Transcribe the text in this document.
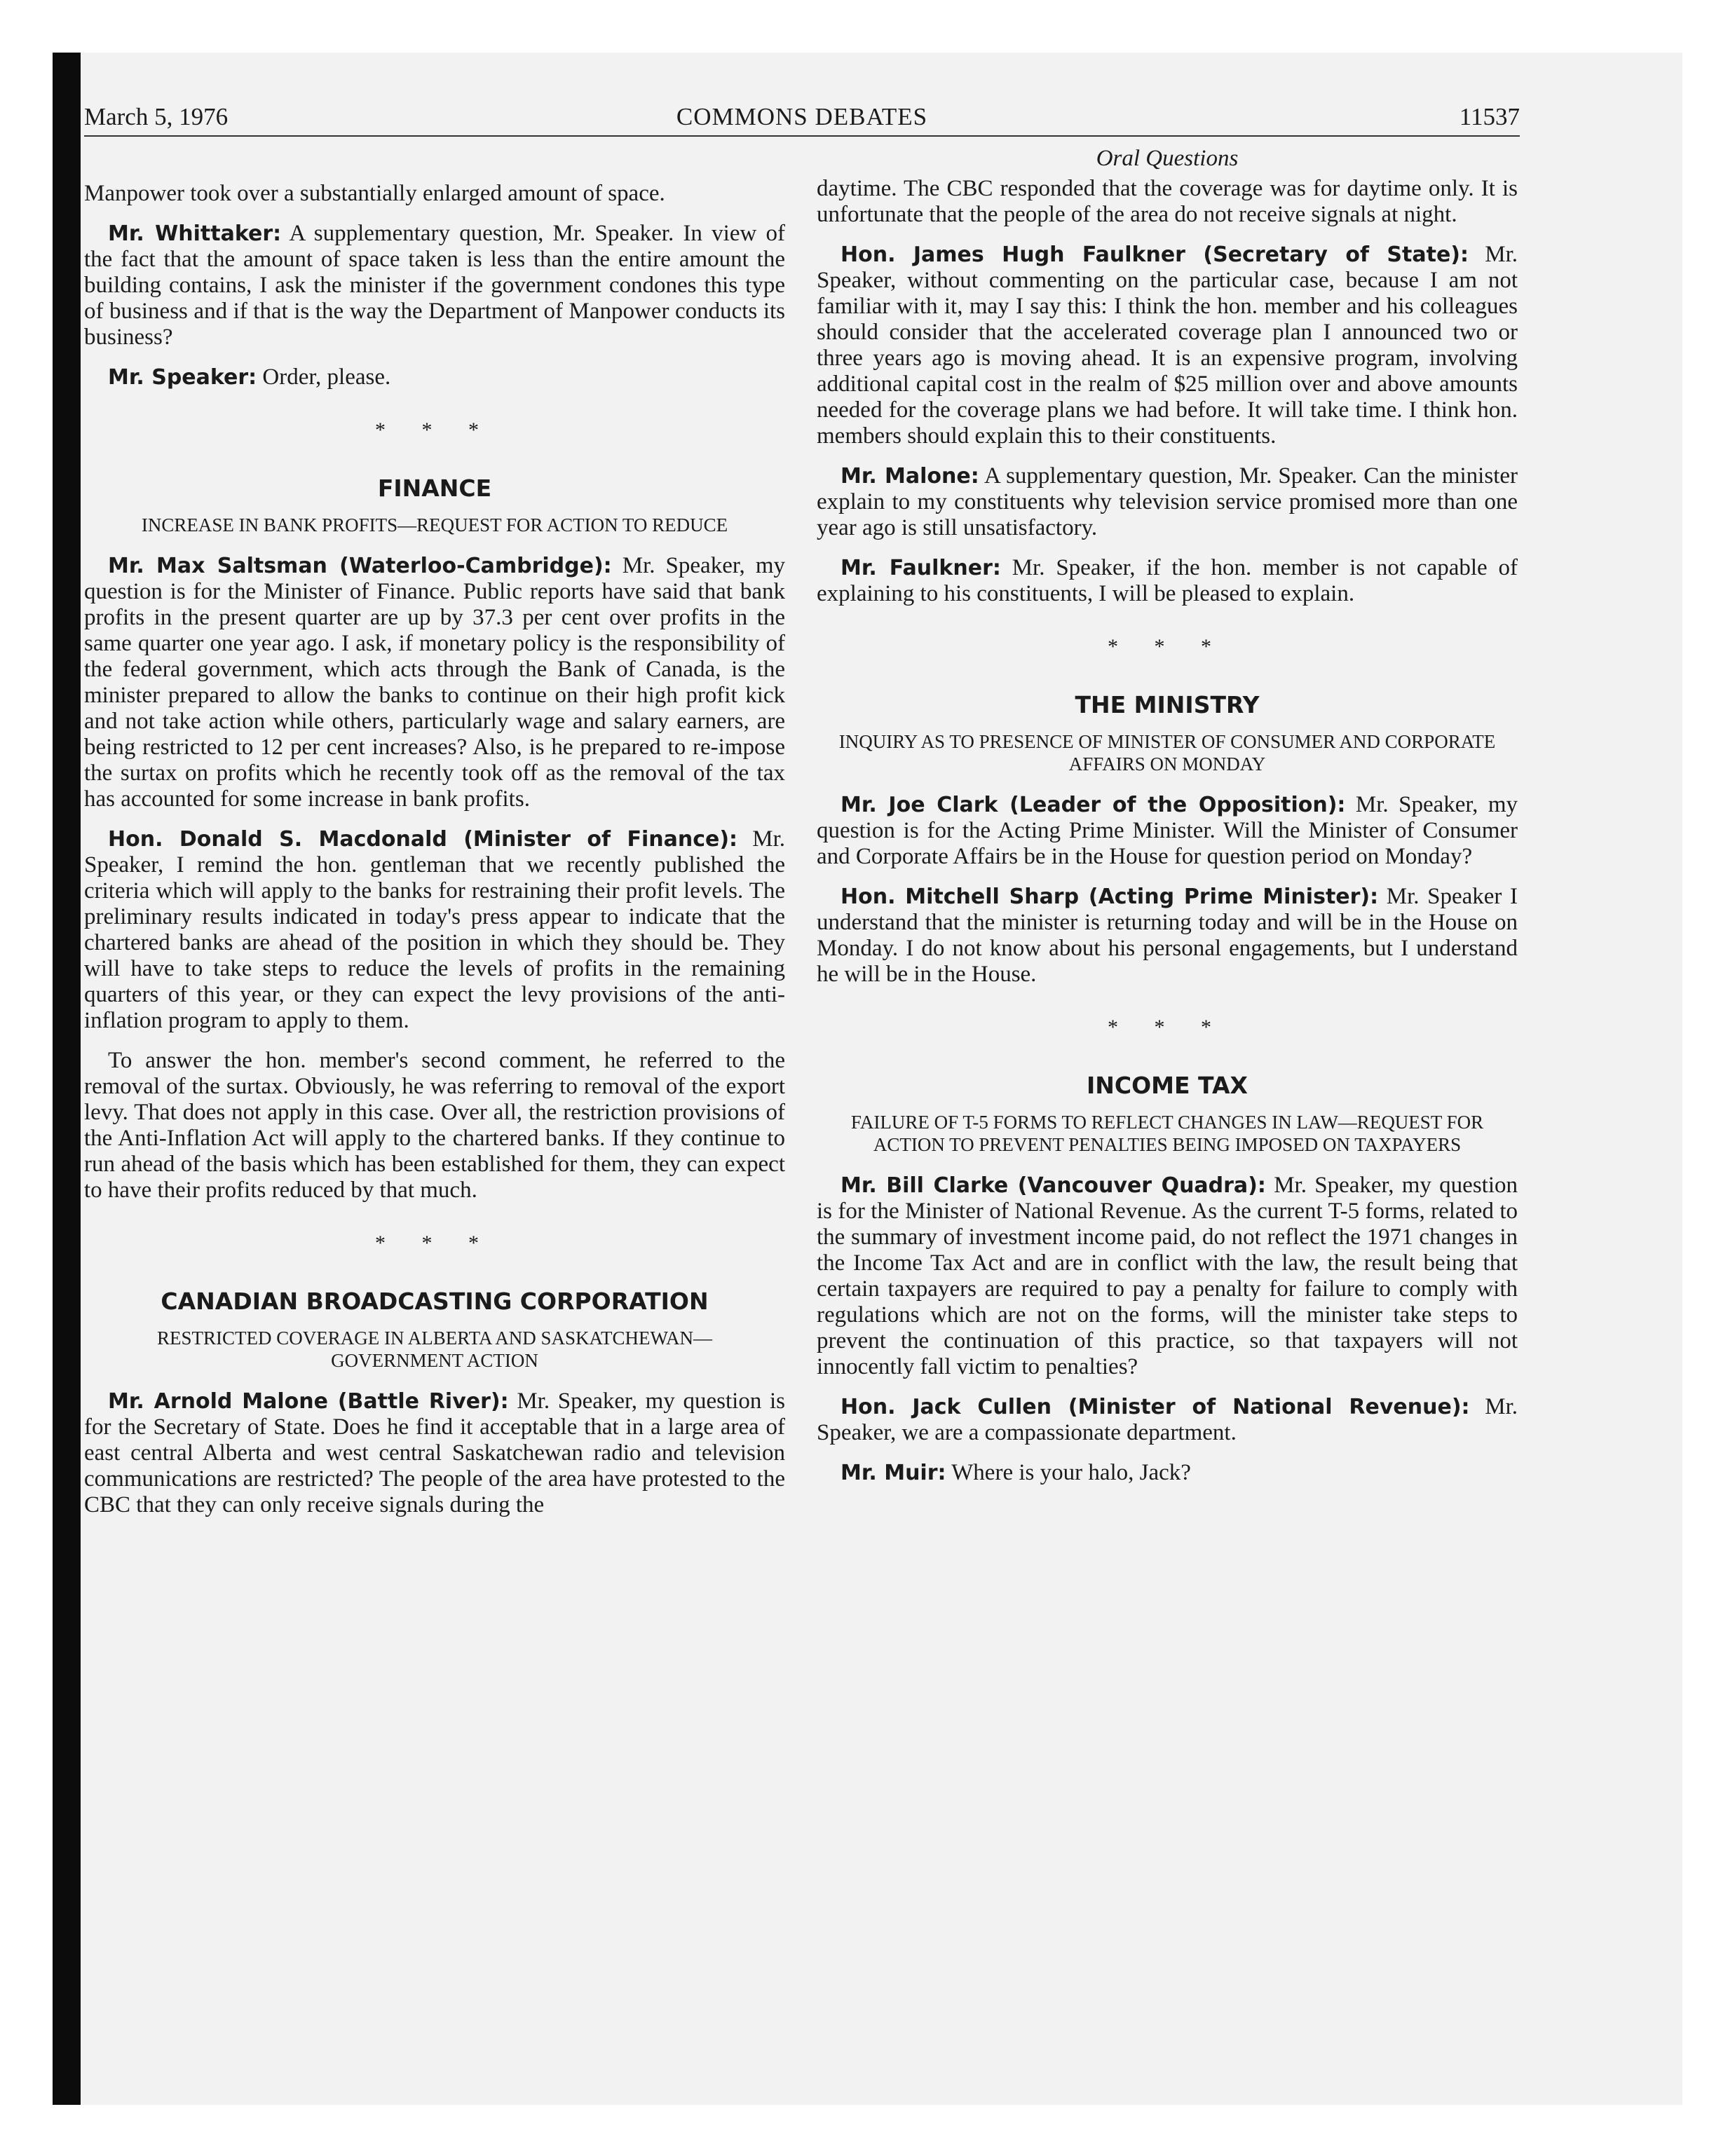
March 5, 1976	COMMONS DEBATES	11537

Manpower took over a substantially enlarged amount of space.

Mr. Whittaker: A supplementary question, Mr. Speaker. In view of the fact that the amount of space taken is less than the entire amount the building contains, I ask the minister if the government condones this type of business and if that is the way the Department of Manpower conducts its business?

Mr. Speaker: Order, please.

* * *
FINANCE
INCREASE IN BANK PROFITS—REQUEST FOR ACTION TO REDUCE

Mr. Max Saltsman (Waterloo-Cambridge): Mr. Speaker, my question is for the Minister of Finance. Public reports have said that bank profits in the present quarter are up by 37.3 per cent over profits in the same quarter one year ago. I ask, if monetary policy is the responsibility of the federal government, which acts through the Bank of Canada, is the minister prepared to allow the banks to continue on their high profit kick and not take action while others, particularly wage and salary earners, are being restricted to 12 per cent increases? Also, is he prepared to re-impose the surtax on profits which he recently took off as the removal of the tax has accounted for some increase in bank profits.

Hon. Donald S. Macdonald (Minister of Finance): Mr. Speaker, I remind the hon. gentleman that we recently published the criteria which will apply to the banks for restraining their profit levels. The preliminary results indicated in today's press appear to indicate that the chartered banks are ahead of the position in which they should be. They will have to take steps to reduce the levels of profits in the remaining quarters of this year, or they can expect the levy provisions of the anti-inflation program to apply to them.

To answer the hon. member's second comment, he referred to the removal of the surtax. Obviously, he was referring to removal of the export levy. That does not apply in this case. Over all, the restriction provisions of the Anti-Inflation Act will apply to the chartered banks. If they continue to run ahead of the basis which has been established for them, they can expect to have their profits reduced by that much.

* * *
CANADIAN BROADCASTING CORPORATION
RESTRICTED COVERAGE IN ALBERTA AND SASKATCHEWAN—GOVERNMENT ACTION

Mr. Arnold Malone (Battle River): Mr. Speaker, my question is for the Secretary of State. Does he find it acceptable that in a large area of east central Alberta and west central Saskatchewan radio and television communications are restricted? The people of the area have protested to the CBC that they can only receive signals during the

Oral Questions

daytime. The CBC responded that the coverage was for daytime only. It is unfortunate that the people of the area do not receive signals at night.

Hon. James Hugh Faulkner (Secretary of State): Mr. Speaker, without commenting on the particular case, because I am not familiar with it, may I say this: I think the hon. member and his colleagues should consider that the accelerated coverage plan I announced two or three years ago is moving ahead. It is an expensive program, involving additional capital cost in the realm of $25 million over and above amounts needed for the coverage plans we had before. It will take time. I think hon. members should explain this to their constituents.

Mr. Malone: A supplementary question, Mr. Speaker. Can the minister explain to my constituents why television service promised more than one year ago is still unsatisfactory.

Mr. Faulkner: Mr. Speaker, if the hon. member is not capable of explaining to his constituents, I will be pleased to explain.

* * *
THE MINISTRY
INQUIRY AS TO PRESENCE OF MINISTER OF CONSUMER AND CORPORATE AFFAIRS ON MONDAY

Mr. Joe Clark (Leader of the Opposition): Mr. Speaker, my question is for the Acting Prime Minister. Will the Minister of Consumer and Corporate Affairs be in the House for question period on Monday?

Hon. Mitchell Sharp (Acting Prime Minister): Mr. Speaker I understand that the minister is returning today and will be in the House on Monday. I do not know about his personal engagements, but I understand he will be in the House.

* * *
INCOME TAX
FAILURE OF T-5 FORMS TO REFLECT CHANGES IN LAW—REQUEST FOR ACTION TO PREVENT PENALTIES BEING IMPOSED ON TAXPAYERS

Mr. Bill Clarke (Vancouver Quadra): Mr. Speaker, my question is for the Minister of National Revenue. As the current T-5 forms, related to the summary of investment income paid, do not reflect the 1971 changes in the Income Tax Act and are in conflict with the law, the result being that certain taxpayers are required to pay a penalty for failure to comply with regulations which are not on the forms, will the minister take steps to prevent the continuation of this practice, so that taxpayers will not innocently fall victim to penalties?

Hon. Jack Cullen (Minister of National Revenue): Mr. Speaker, we are a compassionate department.

Mr. Muir: Where is your halo, Jack?
